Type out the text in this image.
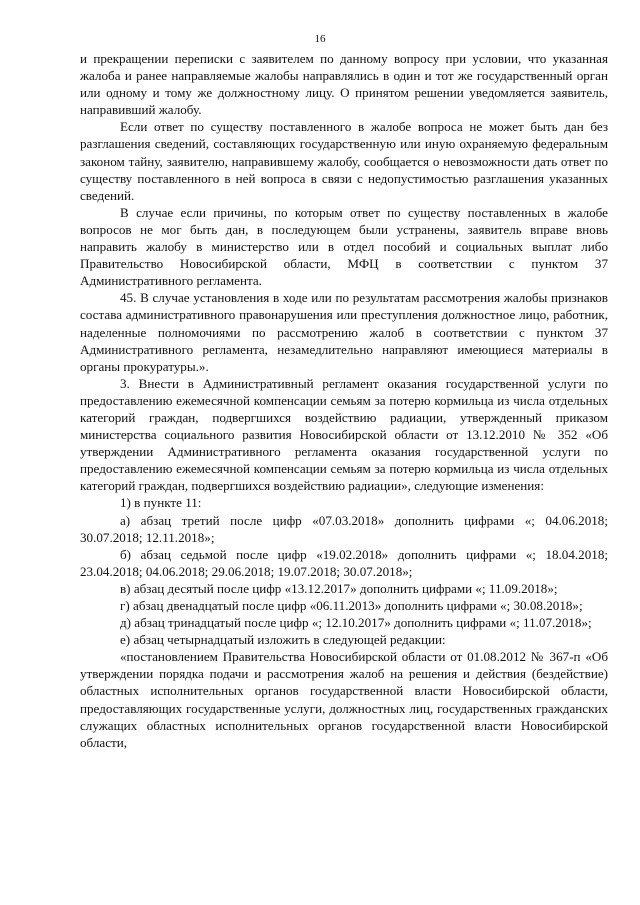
16

и прекращении переписки с заявителем по данному вопросу при условии, что указанная жалоба и ранее направляемые жалобы направлялись в один и тот же государственный орган или одному и тому же должностному лицу. О принятом решении уведомляется заявитель, направивший жалобу.

Если ответ по существу поставленного в жалобе вопроса не может быть дан без разглашения сведений, составляющих государственную или иную охраняемую федеральным законом тайну, заявителю, направившему жалобу, сообщается о невозможности дать ответ по существу поставленного в ней вопроса в связи с недопустимостью разглашения указанных сведений.

В случае если причины, по которым ответ по существу поставленных в жалобе вопросов не мог быть дан, в последующем были устранены, заявитель вправе вновь направить жалобу в министерство или в отдел пособий и социальных выплат либо Правительство Новосибирской области, МФЦ в соответствии с пунктом 37 Административного регламента.

45. В случае установления в ходе или по результатам рассмотрения жалобы признаков состава административного правонарушения или преступления должностное лицо, работник, наделенные полномочиями по рассмотрению жалоб в соответствии с пунктом 37 Административного регламента, незамедлительно направляют имеющиеся материалы в органы прокуратуры.».

3. Внести в Административный регламент оказания государственной услуги по предоставлению ежемесячной компенсации семьям за потерю кормильца из числа отдельных категорий граждан, подвергшихся воздействию радиации, утвержденный приказом министерства социального развития Новосибирской области от 13.12.2010 № 352 «Об утверждении Административного регламента оказания государственной услуги по предоставлению ежемесячной компенсации семьям за потерю кормильца из числа отдельных категорий граждан, подвергшихся воздействию радиации», следующие изменения:

1) в пункте 11:

а) абзац третий после цифр «07.03.2018» дополнить цифрами «; 04.06.2018; 30.07.2018; 12.11.2018»;

б) абзац седьмой после цифр «19.02.2018» дополнить цифрами «; 18.04.2018; 23.04.2018; 04.06.2018; 29.06.2018; 19.07.2018; 30.07.2018»;

в) абзац десятый после цифр «13.12.2017» дополнить цифрами «; 11.09.2018»;

г) абзац двенадцатый после цифр «06.11.2013» дополнить цифрами «; 30.08.2018»;

д) абзац тринадцатый после цифр «; 12.10.2017» дополнить цифрами «; 11.07.2018»;

е) абзац четырнадцатый изложить в следующей редакции:

«постановлением Правительства Новосибирской области от 01.08.2012 № 367-п «Об утверждении порядка подачи и рассмотрения жалоб на решения и действия (бездействие) областных исполнительных органов государственной власти Новосибирской области, предоставляющих государственные услуги, должностных лиц, государственных гражданских служащих областных исполнительных органов государственной власти Новосибирской области,
